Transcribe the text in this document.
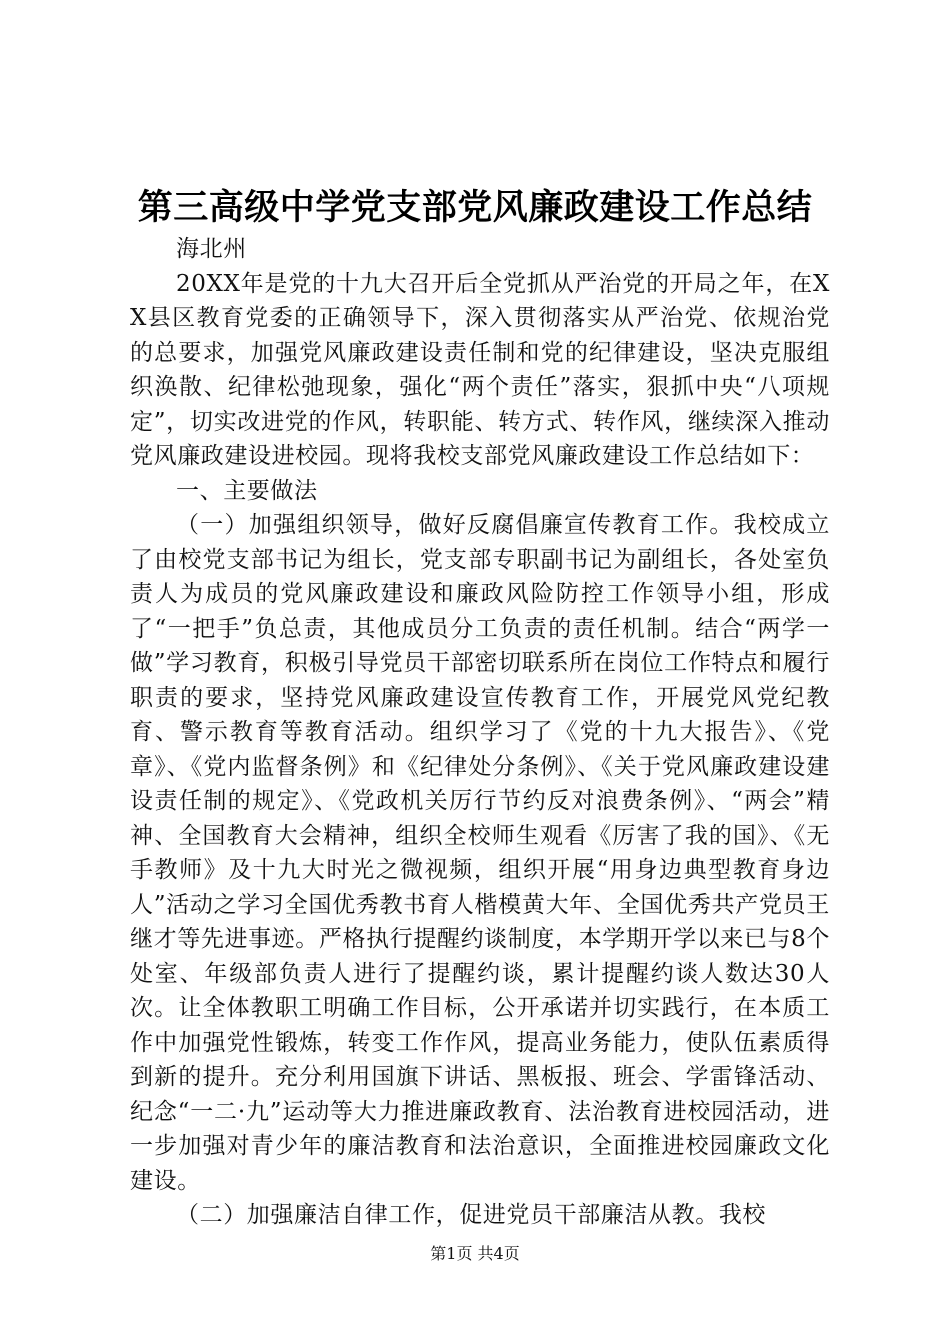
第三高级中学党支部党风廉政建设工作总结

海北州

20XX年是党的十九大召开后全党抓从严治党的开局之年，在XX县区教育党委的正确领导下，深入贯彻落实从严治党、依规治党的总要求，加强党风廉政建设责任制和党的纪律建设，坚决克服组织涣散、纪律松弛现象，强化“两个责任”落实，狠抓中央“八项规定”，切实改进党的作风，转职能、转方式、转作风，继续深入推动党风廉政建设进校园。现将我校支部党风廉政建设工作总结如下：

一、主要做法

（一）加强组织领导，做好反腐倡廉宣传教育工作。我校成立了由校党支部书记为组长，党支部专职副书记为副组长，各处室负责人为成员的党风廉政建设和廉政风险防控工作领导小组，形成了“一把手”负总责，其他成员分工负责的责任机制。结合“两学一做”学习教育，积极引导党员干部密切联系所在岗位工作特点和履行职责的要求，坚持党风廉政建设宣传教育工作，开展党风党纪教育、警示教育等教育活动。组织学习了《党的十九大报告》、《党章》、《党内监督条例》和《纪律处分条例》、《关于党风廉政建设建设责任制的规定》、《党政机关厉行节约反对浪费条例》、“两会”精神、全国教育大会精神，组织全校师生观看《厉害了我的国》、《无手教师》及十九大时光之微视频，组织开展“用身边典型教育身边人”活动之学习全国优秀教书育人楷模黄大年、全国优秀共产党员王继才等先进事迹。严格执行提醒约谈制度，本学期开学以来已与8个处室、年级部负责人进行了提醒约谈，累计提醒约谈人数达30人次。让全体教职工明确工作目标，公开承诺并切实践行，在本质工作中加强党性锻炼，转变工作作风，提高业务能力，使队伍素质得到新的提升。充分利用国旗下讲话、黑板报、班会、学雷锋活动、纪念“一二·九”运动等大力推进廉政教育、法治教育进校园活动，进一步加强对青少年的廉洁教育和法治意识，全面推进校园廉政文化建设。

（二）加强廉洁自律工作，促进党员干部廉洁从教。我校

第1页 共4页
